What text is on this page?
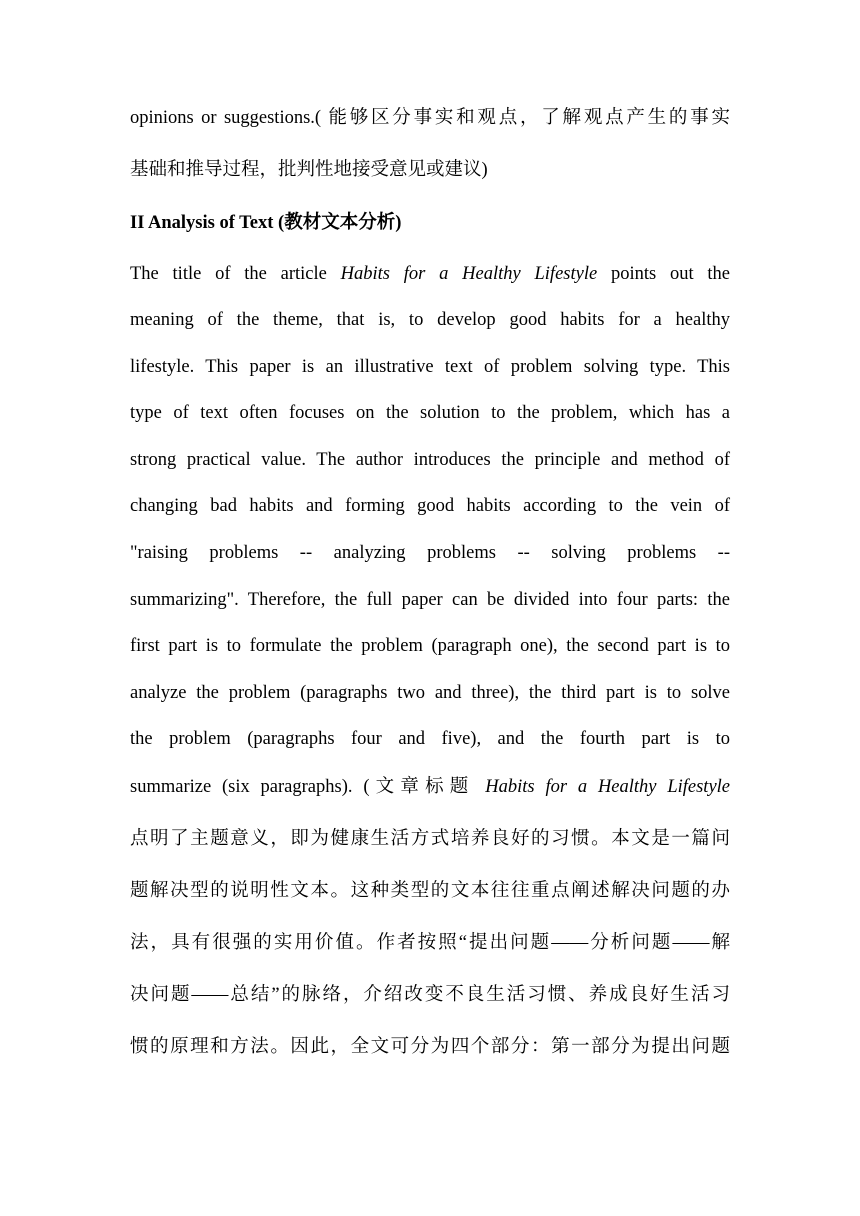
opinions or suggestions.( 能够区分事实和观点，了解观点产生的事实
基础和推导过程，批判性地接受意见或建议)
II Analysis of Text (教材文本分析)
The title of the article Habits for a Healthy Lifestyle points out the
meaning of the theme, that is, to develop good habits for a healthy
lifestyle. This paper is an illustrative text of problem solving type. This
type of text often focuses on the solution to the problem, which has a
strong practical value. The author introduces the principle and method of
changing bad habits and forming good habits according to the vein of
"raising problems -- analyzing problems -- solving problems --
summarizing". Therefore, the full paper can be divided into four parts: the
first part is to formulate the problem (paragraph one), the second part is to
analyze the problem (paragraphs two and three), the third part is to solve
the problem (paragraphs four and five), and the fourth part is to
summarize (six paragraphs). (文章标题 Habits for a Healthy Lifestyle
点明了主题意义，即为健康生活方式培养良好的习惯。本文是一篇问
题解决型的说明性文本。这种类型的文本往往重点阐述解决问题的办
法，具有很强的实用价值。作者按照“提出问题——分析问题——解
决问题——总结”的脉络，介绍改变不良生活习惯、养成良好生活习
惯的原理和方法。因此，全文可分为四个部分：第一部分为提出问题
